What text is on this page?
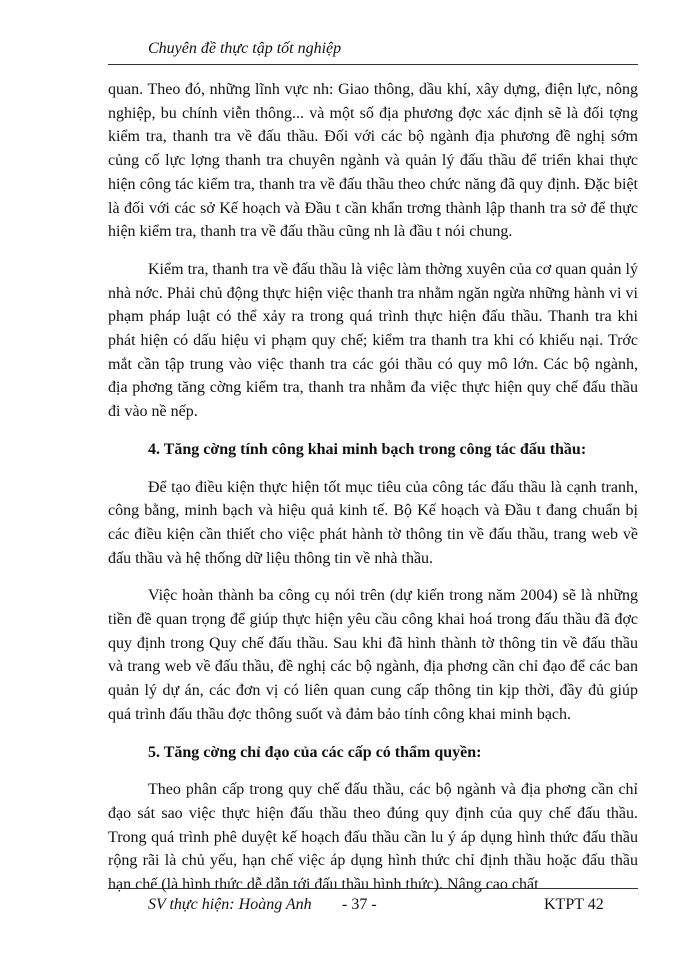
Chuyên đề thực tập tốt nghiệp

quan. Theo đó, những lĩnh vực nh: Giao thông, dầu khí, xây dựng, điện lực, nông nghiệp, bu chính viễn thông... và một số địa phương đợc xác định sẽ là đối tợng kiểm tra, thanh tra về đấu thầu. Đối với các bộ ngành địa phương đề nghị sớm củng cố lực lợng thanh tra chuyên ngành và quản lý đấu thầu để triển khai thực hiện công tác kiểm tra, thanh tra về đấu thầu theo chức năng đã quy định. Đặc biệt là đối với các sở Kế hoạch và Đầu t cần khẩn trơng thành lập thanh tra sở để thực hiện kiểm tra, thanh tra về đấu thầu cũng nh là đầu t nói chung.

Kiểm tra, thanh tra về đấu thầu là việc làm thờng xuyên của cơ quan quản lý nhà nớc. Phải chủ động thực hiện việc thanh tra nhằm ngăn ngừa những hành vi vi phạm pháp luật có thể xảy ra trong quá trình thực hiện đấu thầu. Thanh tra khi phát hiện có dấu hiệu vi phạm quy chế; kiểm tra thanh tra khi có khiếu nại. Trớc mắt cần tập trung vào việc thanh tra các gói thầu có quy mô lớn. Các bộ ngành, địa phơng tăng cờng kiểm tra, thanh tra nhằm đa việc thực hiện quy chế đấu thầu đi vào nề nếp.

4. Tăng cờng tính công khai minh bạch trong công tác đấu thầu:

Để tạo điều kiện thực hiện tốt mục tiêu của công tác đấu thầu là cạnh tranh, công bằng, minh bạch và hiệu quả kinh tế. Bộ Kế hoạch và Đầu t đang chuẩn bị các điều kiện cần thiết cho việc phát hành tờ thông tin về đấu thầu, trang web về đấu thầu và hệ thống dữ liệu thông tin về nhà thầu.

Việc hoàn thành ba công cụ nói trên (dự kiến trong năm 2004) sẽ là những tiền đề quan trọng để giúp thực hiện yêu cầu công khai hoá trong đấu thầu đã đợc quy định trong Quy chế đấu thầu. Sau khi đã hình thành tờ thông tin về đấu thầu và trang web về đấu thầu, đề nghị các bộ ngành, địa phơng cần chỉ đạo để các ban quản lý dự án, các đơn vị có liên quan cung cấp thông tin kịp thời, đầy đủ giúp quá trình đấu thầu đợc thông suốt và đảm bảo tính công khai minh bạch.

5. Tăng cờng chỉ đạo của các cấp có thẩm quyền:

Theo phân cấp trong quy chế đấu thầu, các bộ ngành và địa phơng cần chỉ đạo sát sao việc thực hiện đấu thầu theo đúng quy định của quy chế đấu thầu. Trong quá trình phê duyệt kế hoạch đấu thầu cần lu ý áp dụng hình thức đấu thầu rộng rãi là chủ yếu, hạn chế việc áp dụng hình thức chỉ định thầu hoặc đấu thầu hạn chế (là hình thức dễ dẫn tới đấu thầu hình thức). Nâng cao chất

SV thực hiện: Hoàng Anh - 37 -	KTPT 42
